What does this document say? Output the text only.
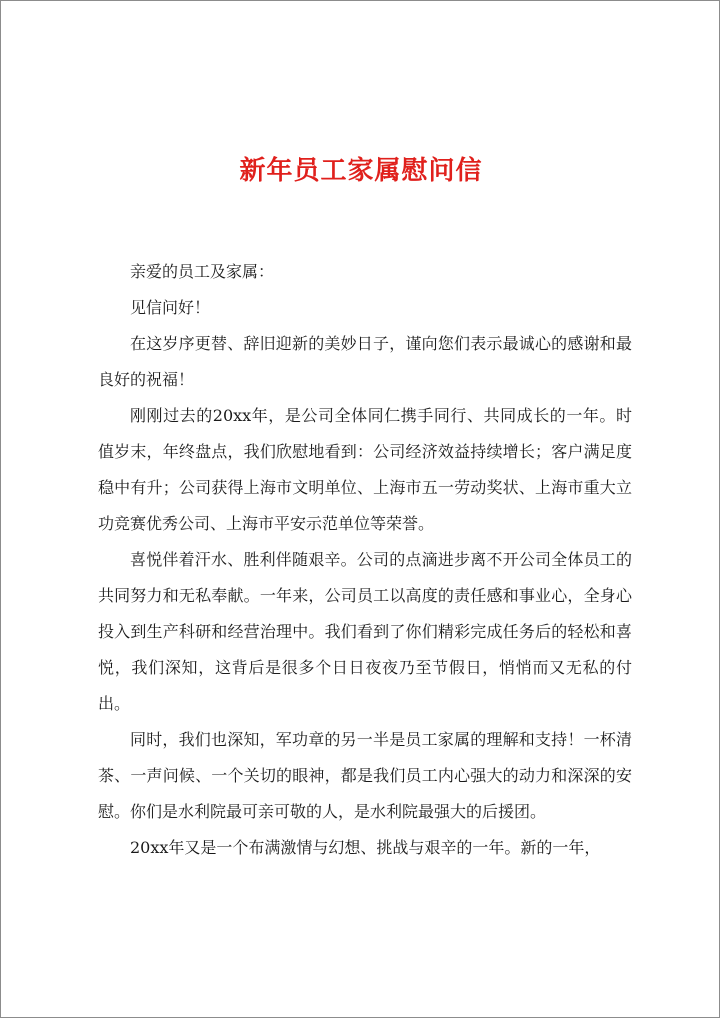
新年员工家属慰问信

亲爱的员工及家属：

见信问好！

在这岁序更替、辞旧迎新的美妙日子，谨向您们表示最诚心的感谢和最良好的祝福！

刚刚过去的20xx年，是公司全体同仁携手同行、共同成长的一年。时值岁末，年终盘点，我们欣慰地看到：公司经济效益持续增长；客户满足度稳中有升；公司获得上海市文明单位、上海市五一劳动奖状、上海市重大立功竞赛优秀公司、上海市平安示范单位等荣誉。

喜悦伴着汗水、胜利伴随艰辛。公司的点滴进步离不开公司全体员工的共同努力和无私奉献。一年来，公司员工以高度的责任感和事业心，全身心投入到生产科研和经营治理中。我们看到了你们精彩完成任务后的轻松和喜悦，我们深知，这背后是很多个日日夜夜乃至节假日，悄悄而又无私的付出。

同时，我们也深知，军功章的另一半是员工家属的理解和支持！一杯清茶、一声问候、一个关切的眼神，都是我们员工内心强大的动力和深深的安慰。你们是水利院最可亲可敬的人，是水利院最强大的后援团。

20xx年又是一个布满激情与幻想、挑战与艰辛的一年。新的一年，
